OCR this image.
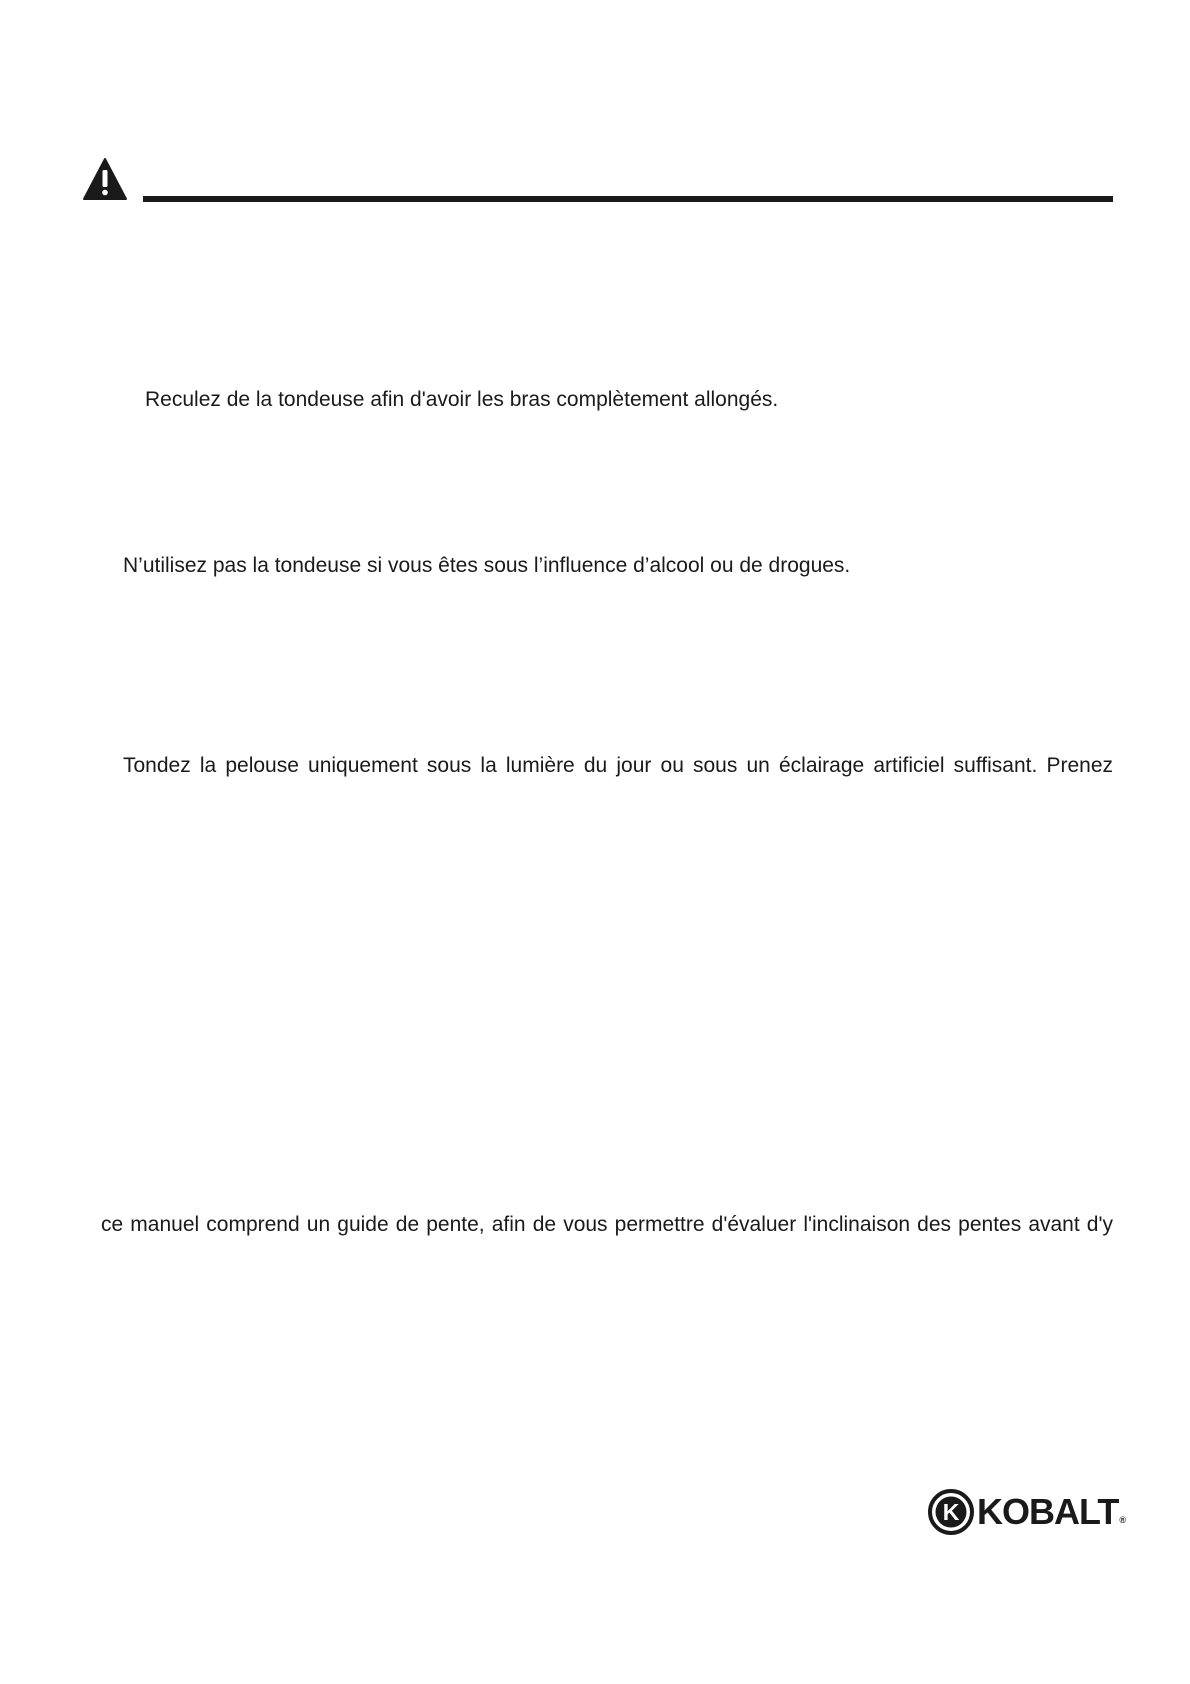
Reculez de la tondeuse afin d'avoir les bras complètement allongés.
N’utilisez pas la tondeuse si vous êtes sous l’influence d’alcool ou de drogues.
Tondez la pelouse uniquement sous la lumière du jour ou sous un éclairage artificiel suffisant. Prenez
ce manuel comprend un guide de pente, afin de vous permettre d'évaluer l'inclinaison des pentes avant d'y
K KOBALT®
